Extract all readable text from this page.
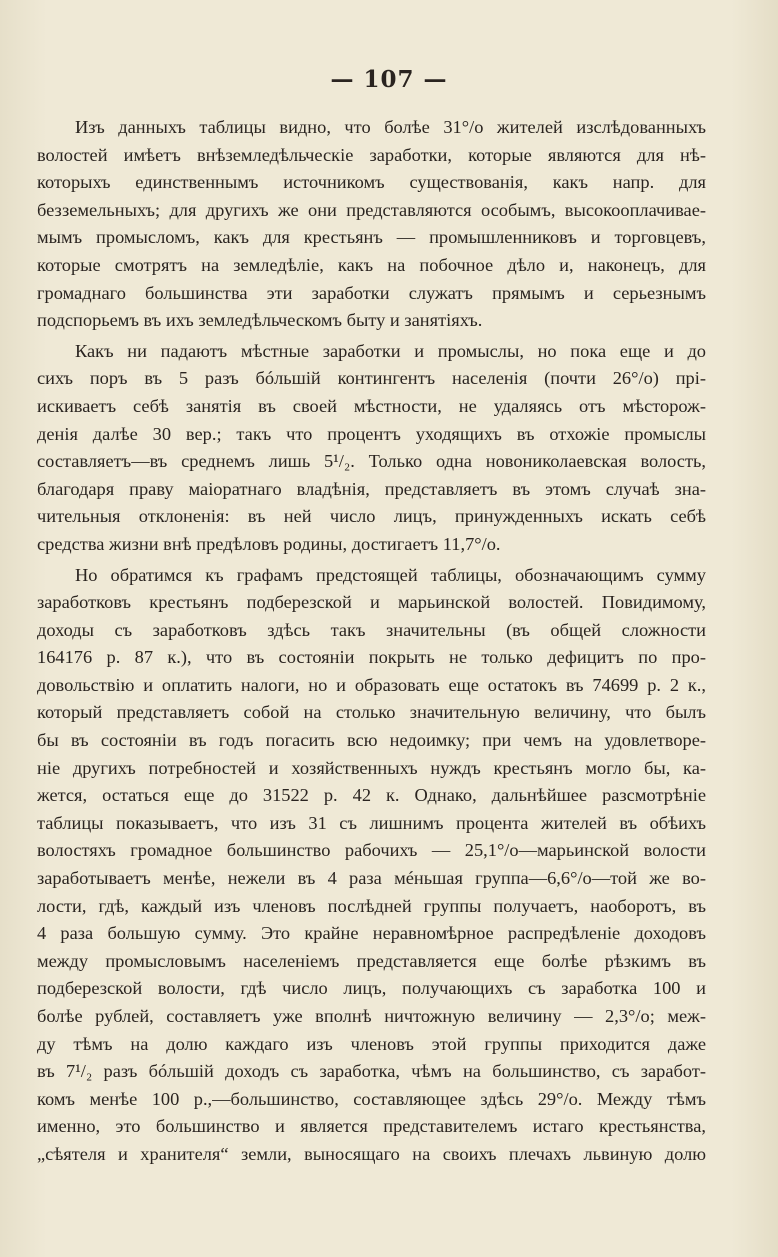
— 107 —
Изъ данныхъ таблицы видно, что болѣе 31°/о жителей изслѣдованныхъ
волостей имѣетъ внѣземледѣльческіе заработки, которые являются для нѣ-
которыхъ единственнымъ источникомъ существованія, какъ напр. для
безземельныхъ; для другихъ же они представляются особымъ, высокооплачивае-
мымъ промысломъ, какъ для крестьянъ — промышленниковъ и торговцевъ,
которые смотрятъ на земледѣліе, какъ на побочное дѣло и, наконецъ, для
громаднаго большинства эти заработки служатъ прямымъ и серьезнымъ
подспорьемъ въ ихъ земледѣльческомъ быту и занятіяхъ.
Какъ ни падаютъ мѣстные заработки и промыслы, но пока еще и до
сихъ поръ въ 5 разъ бóльшій контингентъ населенія (почти 26°/о) прі-
искиваетъ себѣ занятія въ своей мѣстности, не удаляясь отъ мѣсторож-
денія далѣе 30 вер.; такъ что процентъ уходящихъ въ отхожіе промыслы
составляетъ—въ среднемъ лишь 5¹/₂. Только одна новониколаевская волость,
благодаря праву маіоратнаго владѣнія, представляетъ въ этомъ случаѣ зна-
чительныя отклоненія: въ ней число лицъ, принужденныхъ искать себѣ
средства жизни внѣ предѣловъ родины, достигаетъ 11,7°/о.
Но обратимся къ графамъ предстоящей таблицы, обозначающимъ сумму
заработковъ крестьянъ подберезской и марьинской волостей. Повидимому,
доходы съ заработковъ здѣсь такъ значительны (въ общей сложности
164176 р. 87 к.), что въ состояніи покрыть не только дефицитъ по про-
довольствію и оплатить налоги, но и образовать еще остатокъ въ 74699 р. 2 к.,
который представляетъ собой на столько значительную величину, что былъ
бы въ состояніи въ годъ погасить всю недоимку; при чемъ на удовлетворе-
ніе другихъ потребностей и хозяйственныхъ нуждъ крестьянъ могло бы, ка-
жется, остаться еще до 31522 р. 42 к. Однако, дальнѣйшее разсмотрѣніе
таблицы показываетъ, что изъ 31 съ лишнимъ процента жителей въ обѣихъ
волостяхъ громадное большинство рабочихъ — 25,1°/о—марьинской волости
заработываетъ менѣе, нежели въ 4 раза мéньшая группа—6,6°/о—той же во-
лости, гдѣ, каждый изъ членовъ послѣдней группы получаетъ, наоборотъ, въ
4 раза большую сумму. Это крайне неравномѣрное распредѣленіе доходовъ
между промысловымъ населеніемъ представляется еще болѣе рѣзкимъ въ
подберезской волости, гдѣ число лицъ, получающихъ съ заработка 100 и
болѣе рублей, составляетъ уже вполнѣ ничтожную величину — 2,3°/о; меж-
ду тѣмъ на долю каждаго изъ членовъ этой группы приходится даже
въ 7¹/₂ разъ бóльшій доходъ съ заработка, чѣмъ на большинство, съ заработ-
комъ менѣе 100 р.,—большинство, составляющее здѣсь 29°/о. Между тѣмъ
именно, это большинство и является представителемъ истаго крестьянства,
„сѣятеля и хранителя“ земли, выносящаго на своихъ плечахъ львиную долю
